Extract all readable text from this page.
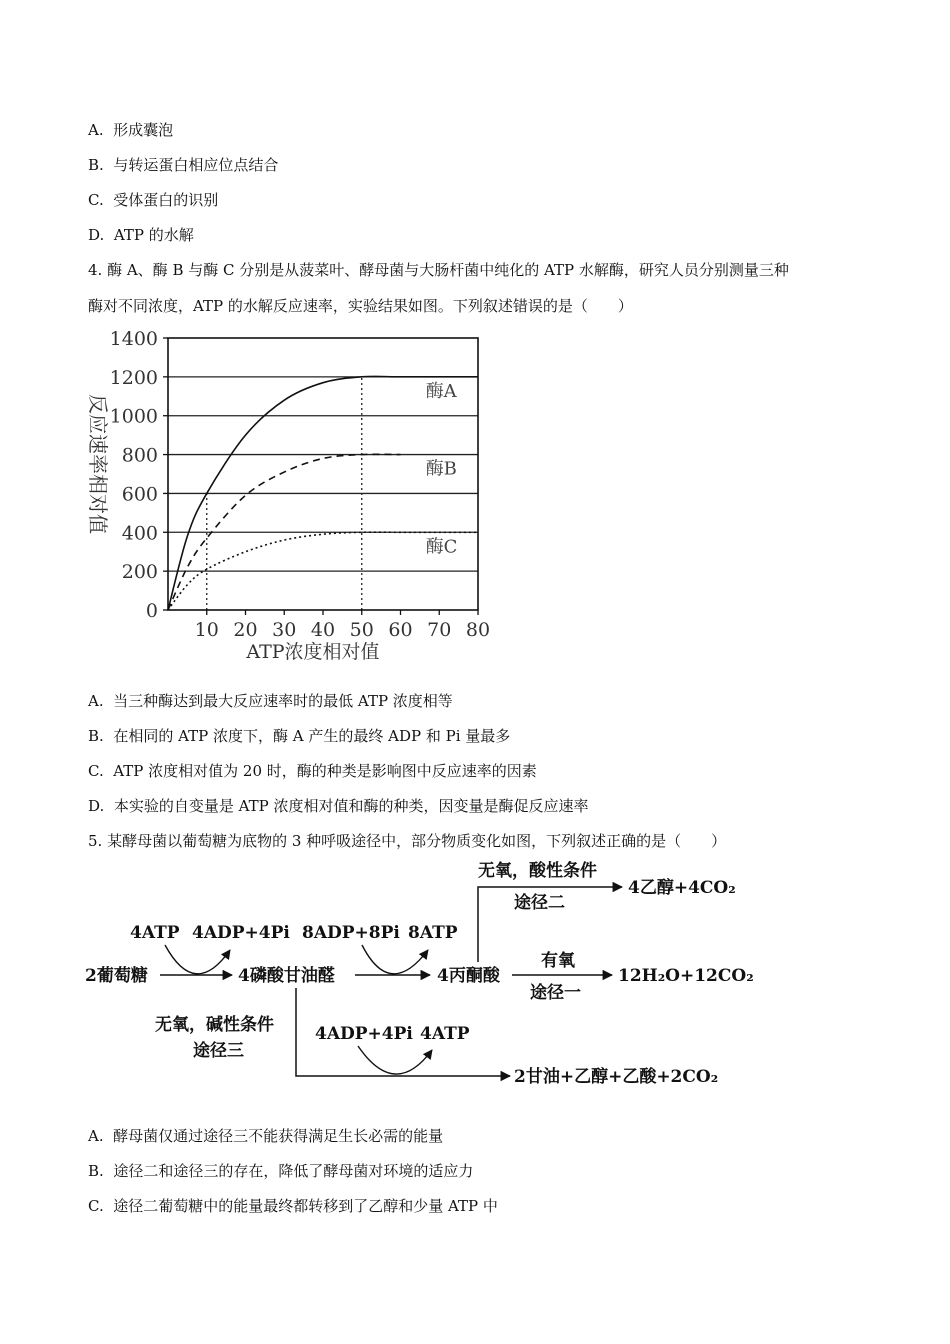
A. 形成囊泡
B. 与转运蛋白相应位点结合
C. 受体蛋白的识别
D. ATP 的水解
4. 酶 A、酶 B 与酶 C 分别是从菠菜叶、酵母菌与大肠杆菌中纯化的 ATP 水解酶，研究人员分别测量三种
酶对不同浓度，ATP 的水解反应速率，实验结果如图。下列叙述错误的是（　　）
酶A
酶B
酶C
0
200
400
600
800
1000
1200
1400
10 20 30 40 50 60 70 80
ATP浓度相对值
反应速率相对值
A. 当三种酶达到最大反应速率时的最低 ATP 浓度相等
B. 在相同的 ATP 浓度下，酶 A 产生的最终 ADP 和 Pi 量最多
C. ATP 浓度相对值为 20 时，酶的种类是影响图中反应速率的因素
D. 本实验的自变量是 ATP 浓度相对值和酶的种类，因变量是酶促反应速率
5. 某酵母菌以葡萄糖为底物的 3 种呼吸途径中，部分物质变化如图，下列叙述正确的是（　　）
2葡萄糖
4ATP 4ADP+4Pi
4磷酸甘油醛
8ADP+8Pi 8ATP
4丙酮酸
有氧
途径一
12H₂O+12CO₂
无氧，酸性条件
途径二
4乙醇+4CO₂
无氧，碱性条件
途径三
4ADP+4Pi 4ATP
2甘油+乙醇+乙酸+2CO₂
A. 酵母菌仅通过途径三不能获得满足生长必需的能量
B. 途径二和途径三的存在，降低了酵母菌对环境的适应力
C. 途径二葡萄糖中的能量最终都转移到了乙醇和少量 ATP 中
